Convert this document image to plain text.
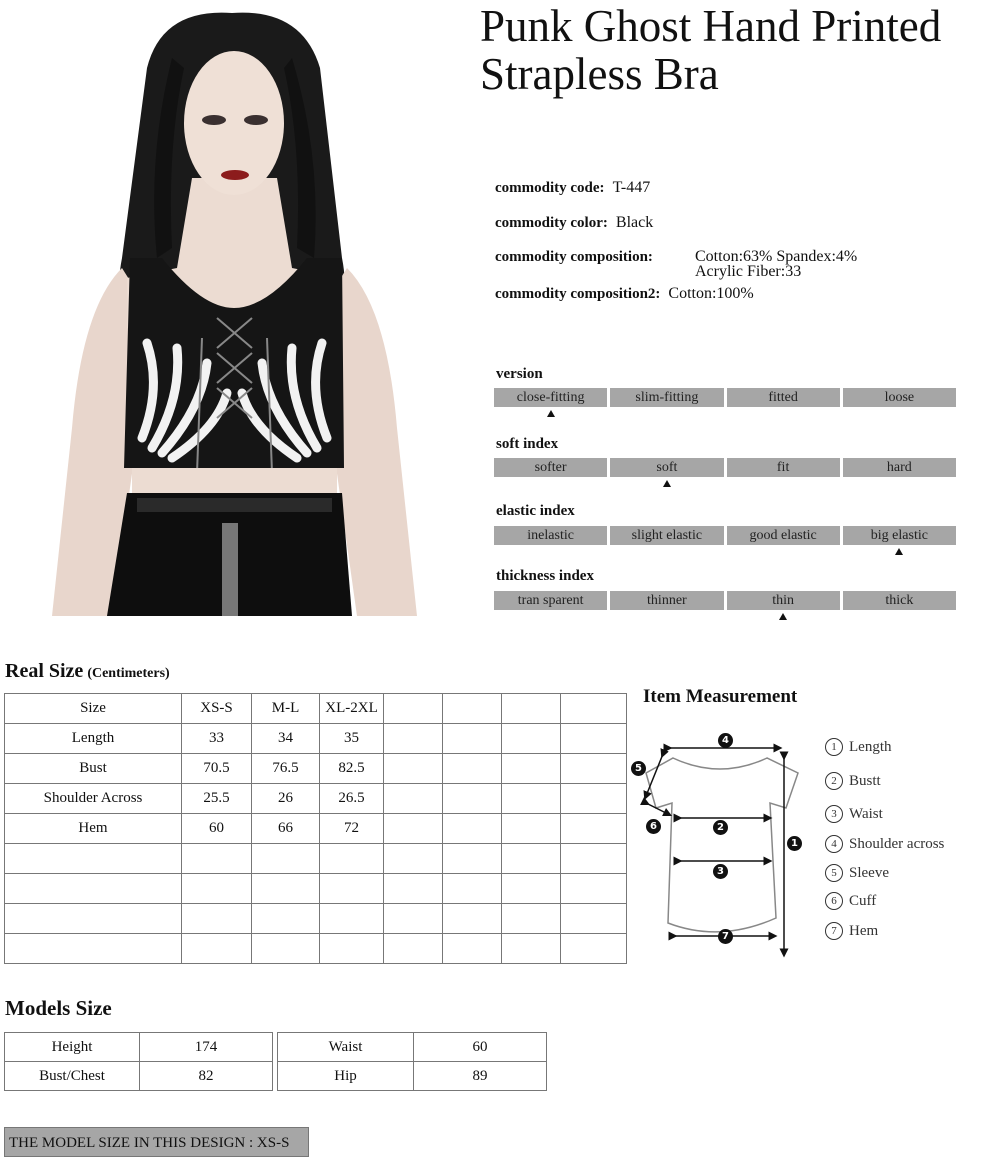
Punk Ghost Hand Printed Strapless Bra
commodity code: T-447
commodity color: Black
commodity composition:	Cotton:63% Spandex:4%
Acrylic Fiber:33
commodity composition2: Cotton:100%
version
close-fitting	slim-fitting	fitted	loose
soft index
softer	soft	fit	hard
elastic index
inelastic	slight elastic	good elastic	big elastic
thickness index
tran sparent	thinner	thin	thick
Real Size (Centimeters)
Size	XS-S	M-L	XL-2XL				
Length	33	34	35				
Bust	70.5	76.5	82.5				
Shoulder Across	25.5	26	26.5				
Hem	60	66	72				

Item Measurement
1
2
3
4
5
6
7
1 Length
2 Bustt
3 Waist
4 Shoulder across
5 Sleeve
6 Cuff
7 Hem
Models Size
Height	174
Bust/Chest	82
Waist	60
Hip	89
THE MODEL SIZE IN THIS DESIGN : XS-S
